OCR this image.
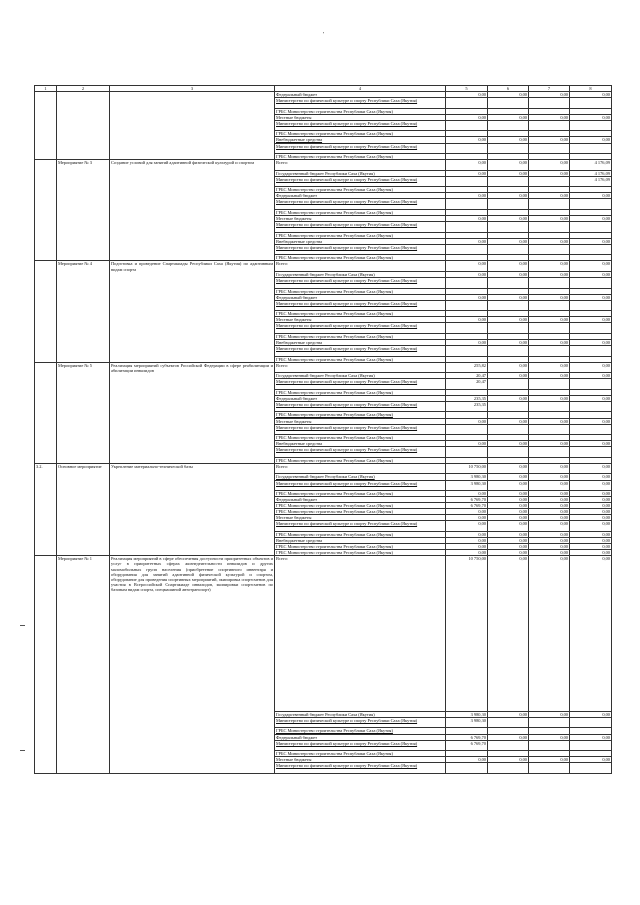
'
1	2	3	4	5	6	7	8
			Федеральный бюджет	0,00	0,00	0,00	0,00
			Министерство по физической культуре и спорту Республики Саха (Якутия)				
			ГРБС Министерство строительства Республики Саха (Якутия)				
			Местные бюджеты	0,00	0,00	0,00	0,00
			Министерство по физической культуре и спорту Республики Саха (Якутия)				
			ГРБС Министерство строительства Республики Саха (Якутия)				
			Внебюджетные средства	0,00	0,00	0,00	0,00
			Министерство по физической культуре и спорту Республики Саха (Якутия)				
			ГРБС Министерство строительства Республики Саха (Якутия)				
	Мероприятие № 3	Создание условий для занятий адаптивной физической культурой и спортом	Всего:	0,00	0,00	0,00	4 176,09
			Государственный бюджет Республики Саха (Якутия)	0,00	0,00	0,00	4 176,09
			Министерство по физической культуре и спорту Республики Саха (Якутия)				4 176,09
			ГРБС Министерство строительства Республики Саха (Якутия)				
			Федеральный бюджет	0,00	0,00	0,00	0,00
			Министерство по физической культуре и спорту Республики Саха (Якутия)				
			ГРБС Министерство строительства Республики Саха (Якутия)				
			Местные бюджеты	0,00	0,00	0,00	0,00
			Министерство по физической культуре и спорту Республики Саха (Якутия)				
			ГРБС Министерство строительства Республики Саха (Якутия)				
			Внебюджетные средства	0,00	0,00	0,00	0,00
			Министерство по физической культуре и спорту Республики Саха (Якутия)				
			ГРБС Министерство строительства Республики Саха (Якутия)				
	Мероприятие № 4	Подготовка и проведение Спартакиады Республики Саха (Якутия) по адаптивным видам спорта	Всего:	0,00	0,00	0,00	0,00
			Государственный бюджет Республики Саха (Якутия)	0,00	0,00	0,00	0,00
			Министерство по физической культуре и спорту Республики Саха (Якутия)				
			ГРБС Министерство строительства Республики Саха (Якутия)				
			Федеральный бюджет	0,00	0,00	0,00	0,00
			Министерство по физической культуре и спорту Республики Саха (Якутия)				
			ГРБС Министерство строительства Республики Саха (Якутия)				
			Местные бюджеты	0,00	0,00	0,00	0,00
			Министерство по физической культуре и спорту Республики Саха (Якутия)				
			ГРБС Министерство строительства Республики Саха (Якутия)				
			Внебюджетные средства	0,00	0,00	0,00	0,00
			Министерство по физической культуре и спорту Республики Саха (Якутия)				
			ГРБС Министерство строительства Республики Саха (Якутия)				
	Мероприятие № 5	Реализация мероприятий субъектов Российской Федерации в сфере реабилитации и абилитации инвалидов	Всего:	255,82	0,00	0,00	0,00
			Государственный бюджет Республики Саха (Якутия)	20,47	0,00	0,00	0,00
			Министерство по физической культуре и спорту Республики Саха (Якутия)	20,47			
			ГРБС Министерство строительства Республики Саха (Якутия)				
			Федеральный бюджет	235,35	0,00	0,00	0,00
			Министерство по физической культуре и спорту Республики Саха (Якутия)	235,35			
			ГРБС Министерство строительства Республики Саха (Якутия)				
			Местные бюджеты	0,00	0,00	0,00	0,00
			Министерство по физической культуре и спорту Республики Саха (Якутия)				
			ГРБС Министерство строительства Республики Саха (Якутия)				
			Внебюджетные средства	0,00	0,00	0,00	0,00
			Министерство по физической культуре и спорту Республики Саха (Якутия)				
			ГРБС Министерство строительства Республики Саха (Якутия)				
3.2.	Основное мероприятие	Укрепление материально-технической базы	Всего:	10 750,00	0,00	0,00	0,00
			Государственный бюджет Республики Саха (Якутия)	3 980,30	0,00	0,00	0,00
			Министерство по физической культуре и спорту Республики Саха (Якутия)	3 980,30	0,00	0,00	0,00
			ГРБС Министерство строительства Республики Саха (Якутия)	0,00	0,00	0,00	0,00
			Федеральный бюджет	6 769,70	0,00	0,00	0,00
			ГРБС Министерство строительства Республики Саха (Якутия)	6 769,70	0,00	0,00	0,00
			ГРБС Министерство строительства Республики Саха (Якутия)	0,00	0,00	0,00	0,00
			Местные бюджеты	0,00	0,00	0,00	0,00
			Министерство по физической культуре и спорту Республики Саха (Якутия)	0,00	0,00	0,00	0,00
			ГРБС Министерство строительства Республики Саха (Якутия)	0,00	0,00	0,00	0,00
			Внебюджетные средства	0,00	0,00	0,00	0,00
			ГРБС Министерство строительства Республики Саха (Якутия)	0,00	0,00	0,00	0,00
			ГРБС Министерство строительства Республики Саха (Якутия)	0,00	0,00	0,00	0,00
	Мероприятие № 1	Реализация мероприятий в сфере обеспечения доступности приоритетных объектов и услуг в приоритетных сферах жизнедеятельности инвалидов и других маломобильных групп населения (приобретение спортивного инвентаря и оборудования для занятий адаптивной физической культурой и спортом, оборудование для проведения спортивных мероприятий, экипировка спортсменов для участия в Всероссийской Спартакиаде инвалидов, экипировки спортсменов по базовым видам спорта, спецмашиной автотранспорт)	Всего:	10 750,00	0,00	0,00	0,00
			Государственный бюджет Республики Саха (Якутия)	3 980,30	0,00	0,00	0,00
			Министерство по физической культуре и спорту Республики Саха (Якутия)	3 980,30			
			ГРБС Министерство строительства Республики Саха (Якутия)				
			Федеральный бюджет	6 769,70	0,00	0,00	0,00
			Министерство по физической культуре и спорту Республики Саха (Якутия)	6 769,70			
			ГРБС Министерство строительства Республики Саха (Якутия)				
			Местные бюджеты	0,00	0,00	0,00	0,00
			Министерство по физической культуре и спорту Республики Саха (Якутия)				
